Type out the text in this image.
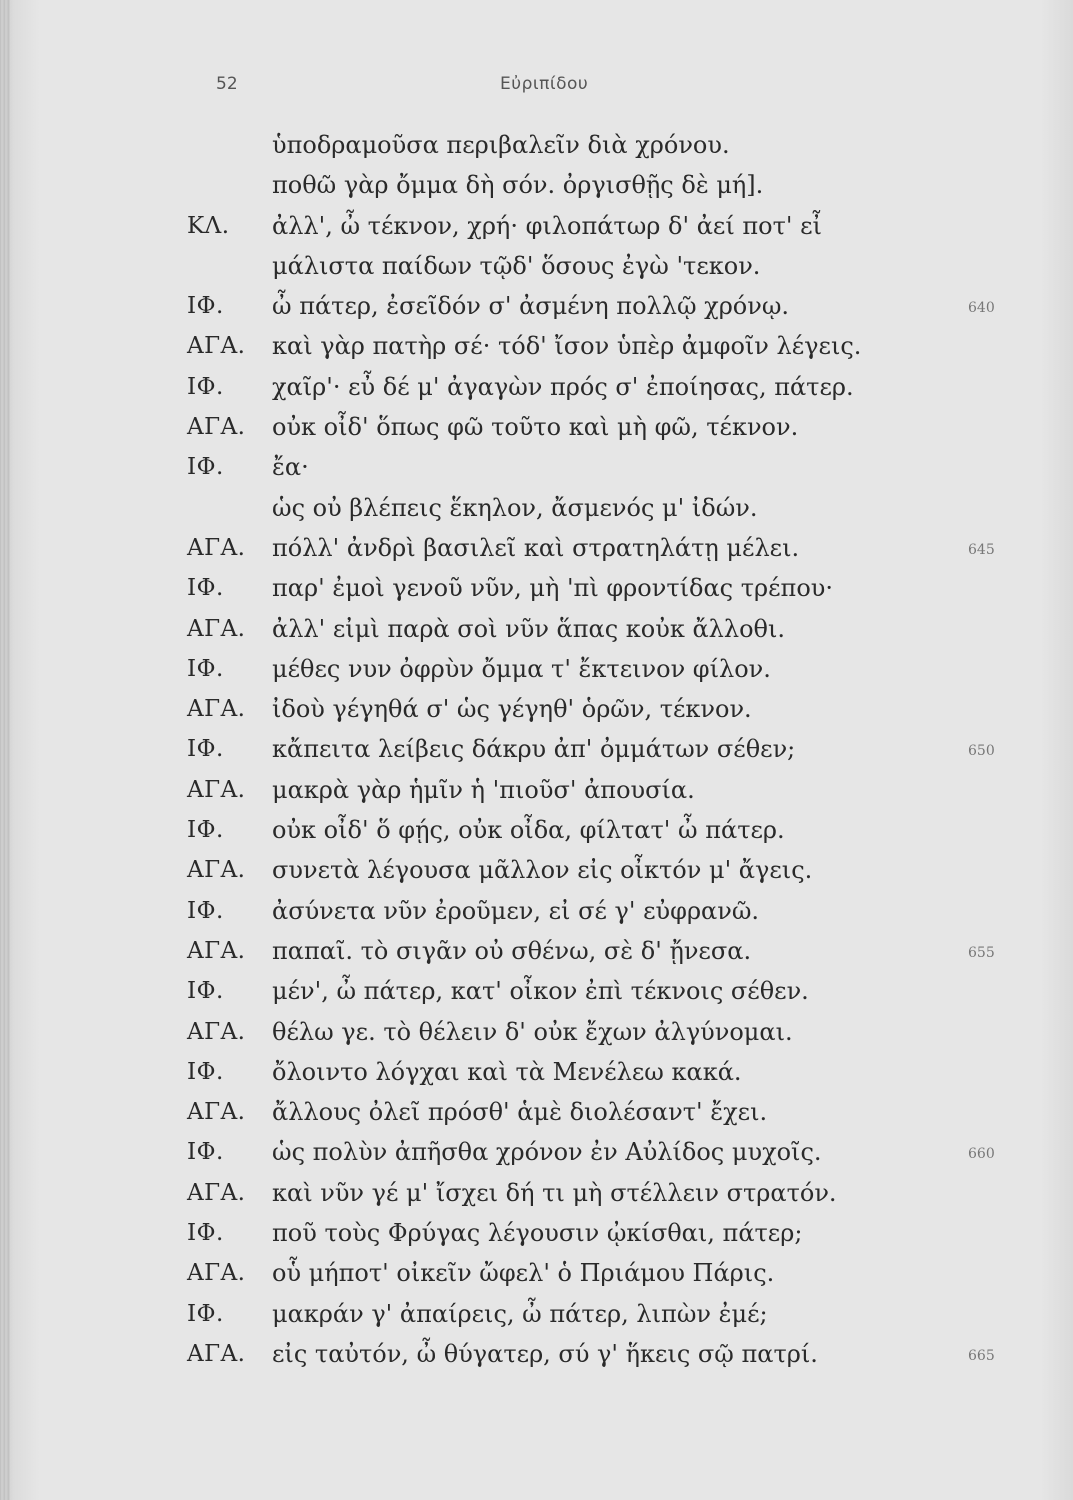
52	Εὐριπίδου
ὑποδραμοῦσα περιβαλεῖν διὰ χρόνου.
ποθῶ γὰρ ὄμμα δὴ σόν. ὀργισθῇς δὲ μή].
ΚΛ. ἀλλ', ὦ τέκνον, χρή· φιλοπάτωρ δ' ἀεί ποτ' εἶ
μάλιστα παίδων τῷδ' ὅσους ἐγὼ 'τεκον.
ΙΦ. ὦ πάτερ, ἐσεῖδόν σ' ἀσμένη πολλῷ χρόνῳ.	640
ΑΓΑ. καὶ γὰρ πατὴρ σέ· τόδ' ἴσον ὑπὲρ ἀμφοῖν λέγεις.
ΙΦ. χαῖρ'· εὖ δέ μ' ἀγαγὼν πρός σ' ἐποίησας, πάτερ.
ΑΓΑ. οὐκ οἶδ' ὅπως φῶ τοῦτο καὶ μὴ φῶ, τέκνον.
ΙΦ. ἔα·
ὡς οὐ βλέπεις ἕκηλον, ἄσμενός μ' ἰδών.
ΑΓΑ. πόλλ' ἀνδρὶ βασιλεῖ καὶ στρατηλάτῃ μέλει.	645
ΙΦ. παρ' ἐμοὶ γενοῦ νῦν, μὴ 'πὶ φροντίδας τρέπου·
ΑΓΑ. ἀλλ' εἰμὶ παρὰ σοὶ νῦν ἅπας κοὐκ ἄλλοθι.
ΙΦ. μέθες νυν ὀφρὺν ὄμμα τ' ἔκτεινον φίλον.
ΑΓΑ. ἰδοὺ γέγηθά σ' ὡς γέγηθ' ὁρῶν, τέκνον.
ΙΦ. κἄπειτα λείβεις δάκρυ ἀπ' ὀμμάτων σέθεν;	650
ΑΓΑ. μακρὰ γὰρ ἡμῖν ἡ 'πιοῦσ' ἀπουσία.
ΙΦ. οὐκ οἶδ' ὅ φῄς, οὐκ οἶδα, φίλτατ' ὦ πάτερ.
ΑΓΑ. συνετὰ λέγουσα μᾶλλον εἰς οἶκτόν μ' ἄγεις.
ΙΦ. ἀσύνετα νῦν ἐροῦμεν, εἰ σέ γ' εὐφρανῶ.
ΑΓΑ. παπαῖ. τὸ σιγᾶν οὐ σθένω, σὲ δ' ᾔνεσα.	655
ΙΦ. μέν', ὦ πάτερ, κατ' οἶκον ἐπὶ τέκνοις σέθεν.
ΑΓΑ. θέλω γε. τὸ θέλειν δ' οὐκ ἔχων ἀλγύνομαι.
ΙΦ. ὄλοιντο λόγχαι καὶ τὰ Μενέλεω κακά.
ΑΓΑ. ἄλλους ὀλεῖ πρόσθ' ἁμὲ διολέσαντ' ἔχει.
ΙΦ. ὡς πολὺν ἀπῆσθα χρόνον ἐν Αὐλίδος μυχοῖς.	660
ΑΓΑ. καὶ νῦν γέ μ' ἴσχει δή τι μὴ στέλλειν στρατόν.
ΙΦ. ποῦ τοὺς Φρύγας λέγουσιν ᾠκίσθαι, πάτερ;
ΑΓΑ. οὗ μήποτ' οἰκεῖν ὤφελ' ὁ Πριάμου Πάρις.
ΙΦ. μακράν γ' ἀπαίρεις, ὦ πάτερ, λιπὼν ἐμέ;
ΑΓΑ. εἰς ταὐτόν, ὦ θύγατερ, σύ γ' ἥκεις σῷ πατρί.	665
